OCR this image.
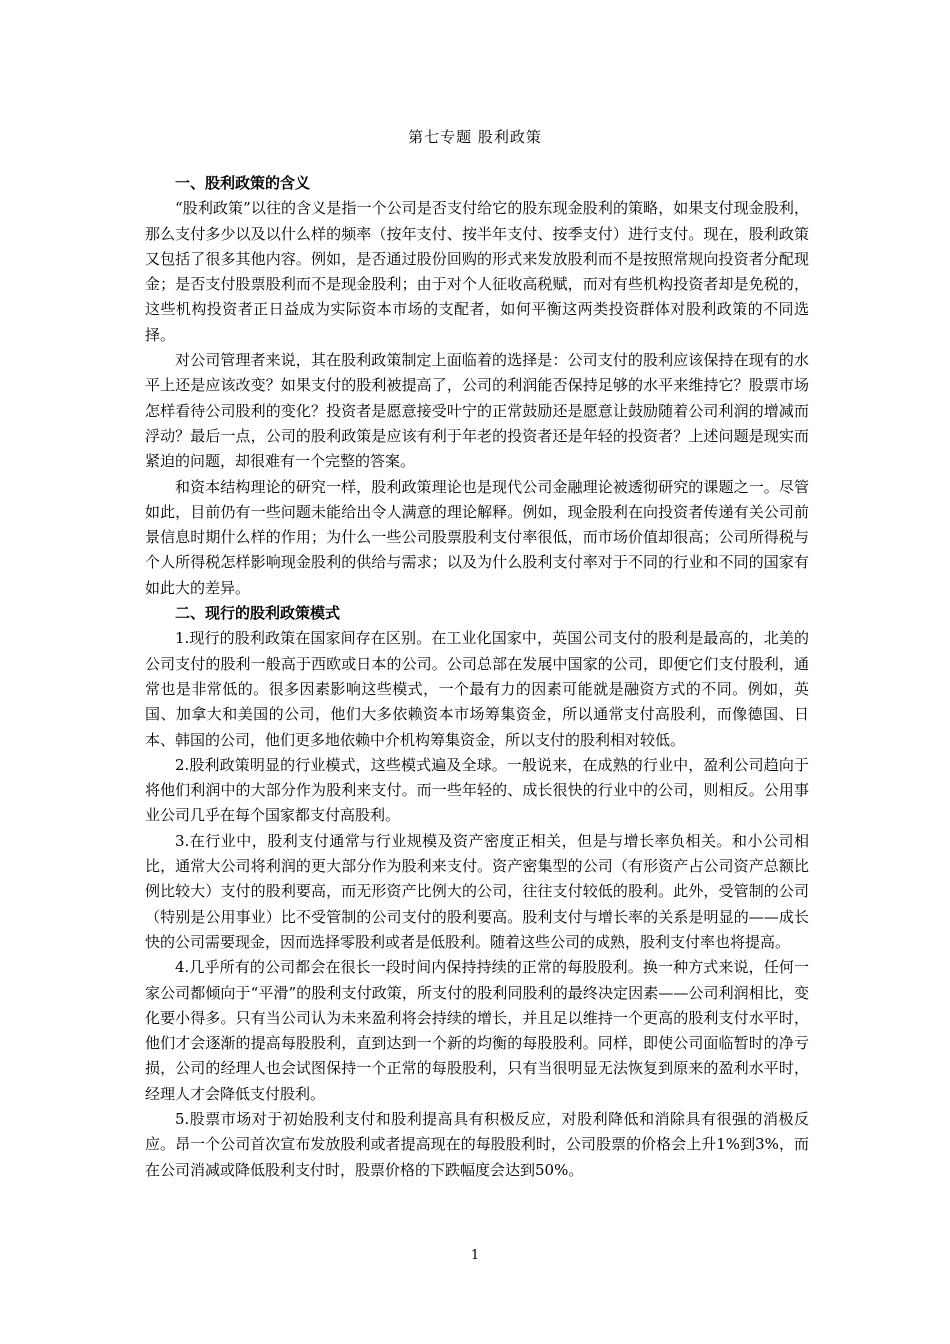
第七专题 股利政策
一、股利政策的含义

“股利政策”以往的含义是指一个公司是否支付给它的股东现金股利的策略，如果支付现金股利，那么支付多少以及以什么样的频率（按年支付、按半年支付、按季支付）进行支付。现在，股利政策又包括了很多其他内容。例如，是否通过股份回购的形式来发放股利而不是按照常规向投资者分配现金；是否支付股票股利而不是现金股利；由于对个人征收高税赋，而对有些机构投资者却是免税的，这些机构投资者正日益成为实际资本市场的支配者，如何平衡这两类投资群体对股利政策的不同选择。

对公司管理者来说，其在股利政策制定上面临着的选择是：公司支付的股利应该保持在现有的水平上还是应该改变？如果支付的股利被提高了，公司的利润能否保持足够的水平来维持它？股票市场怎样看待公司股利的变化？投资者是愿意接受叶宁的正常鼓励还是愿意让鼓励随着公司利润的增减而浮动？最后一点，公司的股利政策是应该有利于年老的投资者还是年轻的投资者？上述问题是现实而紧迫的问题，却很难有一个完整的答案。

和资本结构理论的研究一样，股利政策理论也是现代公司金融理论被透彻研究的课题之一。尽管如此，目前仍有一些问题未能给出令人满意的理论解释。例如，现金股利在向投资者传递有关公司前景信息时期什么样的作用；为什么一些公司股票股利支付率很低，而市场价值却很高；公司所得税与个人所得税怎样影响现金股利的供给与需求；以及为什么股利支付率对于不同的行业和不同的国家有如此大的差异。

二、现行的股利政策模式

1.现行的股利政策在国家间存在区别。在工业化国家中，英国公司支付的股利是最高的，北美的公司支付的股利一般高于西欧或日本的公司。公司总部在发展中国家的公司，即便它们支付股利，通常也是非常低的。很多因素影响这些模式，一个最有力的因素可能就是融资方式的不同。例如，英国、加拿大和美国的公司，他们大多依赖资本市场筹集资金，所以通常支付高股利，而像德国、日本、韩国的公司，他们更多地依赖中介机构筹集资金，所以支付的股利相对较低。

2.股利政策明显的行业模式，这些模式遍及全球。一般说来，在成熟的行业中，盈利公司趋向于将他们利润中的大部分作为股利来支付。而一些年轻的、成长很快的行业中的公司，则相反。公用事业公司几乎在每个国家都支付高股利。

3.在行业中，股利支付通常与行业规模及资产密度正相关，但是与增长率负相关。和小公司相比，通常大公司将利润的更大部分作为股利来支付。资产密集型的公司（有形资产占公司资产总额比例比较大）支付的股利要高，而无形资产比例大的公司，往往支付较低的股利。此外，受管制的公司（特别是公用事业）比不受管制的公司支付的股利要高。股利支付与增长率的关系是明显的——成长快的公司需要现金，因而选择零股利或者是低股利。随着这些公司的成熟，股利支付率也将提高。

4.几乎所有的公司都会在很长一段时间内保持持续的正常的每股股利。换一种方式来说，任何一家公司都倾向于“平滑”的股利支付政策，所支付的股利同股利的最终决定因素——公司利润相比，变化要小得多。只有当公司认为未来盈利将会持续的增长，并且足以维持一个更高的股利支付水平时，他们才会逐渐的提高每股股利，直到达到一个新的均衡的每股股利。同样，即使公司面临暂时的净亏损，公司的经理人也会试图保持一个正常的每股股利，只有当很明显无法恢复到原来的盈利水平时，经理人才会降低支付股利。

5.股票市场对于初始股利支付和股利提高具有积极反应，对股利降低和消除具有很强的消极反应。昂一个公司首次宣布发放股利或者提高现在的每股股利时，公司股票的价格会上升1%到3%，而在公司消减或降低股利支付时，股票价格的下跌幅度会达到50%。

1
